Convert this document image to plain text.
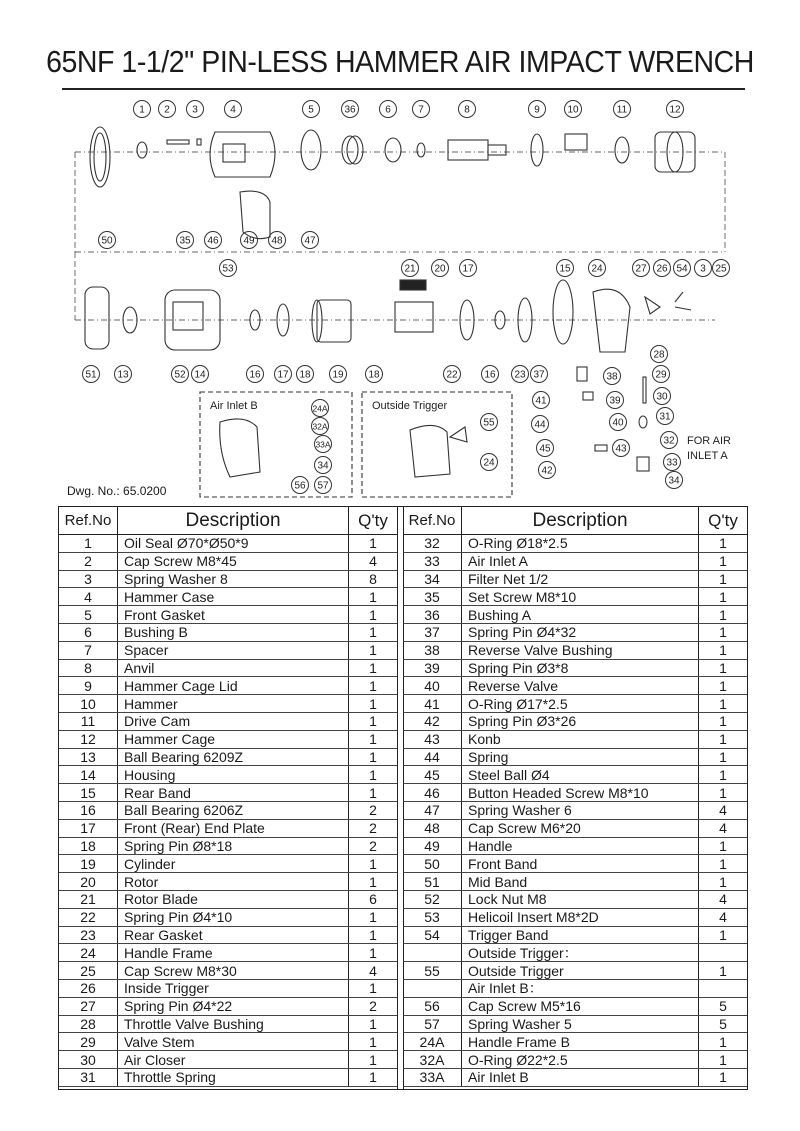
65NF 1-1/2" PIN-LESS HAMMER AIR IMPACT WRENCH
1 2 3	4	5	36	6	7	8	9	10	11	12
50	35 46 49 48 47
53	21 20 17	15 24	27 26 54 3 25
51 13	52 14	16 17 18 19 18	22	16 23 37
28
38	29
41	39	30
44	40
31
45
32
43
33
42
34
24A
32A
33A
34
56 57
55
24
Air Inlet B	Outside Trigger
FOR AIR
INLET A
Dwg. No.: 65.0200
Ref.No	Description	Q'ty
1	Oil Seal Ø70*Ø50*9	1
2	Cap Screw M8*45	4
3	Spring Washer 8	8
4	Hammer Case	1
5	Front Gasket	1
6	Bushing B	1
7	Spacer	1
8	Anvil	1
9	Hammer Cage Lid	1
10	Hammer	1
11	Drive Cam	1
12	Hammer Cage	1
13	Ball Bearing 6209Z	1
14	Housing	1
15	Rear Band	1
16	Ball Bearing 6206Z	2
17	Front (Rear) End Plate	2
18	Spring Pin Ø8*18	2
19	Cylinder	1
20	Rotor	1
21	Rotor Blade	6
22	Spring Pin Ø4*10	1
23	Rear Gasket	1
24	Handle Frame	1
25	Cap Screw M8*30	4
26	Inside Trigger	1
27	Spring Pin Ø4*22	2
28	Throttle Valve Bushing	1
29	Valve Stem	1
30	Air Closer	1
31	Throttle Spring	1
Ref.No	Description	Q'ty
32	O-Ring Ø18*2.5	1
33	Air Inlet A	1
34	Filter Net 1/2	1
35	Set Screw M8*10	1
36	Bushing A	1
37	Spring Pin Ø4*32	1
38	Reverse Valve Bushing	1
39	Spring Pin Ø3*8	1
40	Reverse Valve	1
41	O-Ring Ø17*2.5	1
42	Spring Pin Ø3*26	1
43	Konb	1
44	Spring	1
45	Steel Ball Ø4	1
46	Button Headed Screw M8*10	1
47	Spring Washer 6	4
48	Cap Screw M6*20	4
49	Handle	1
50	Front Band	1
51	Mid Band	1
52	Lock Nut M8	4
53	Helicoil Insert M8*2D	4
54	Trigger Band	1
	Outside Trigger：	
55	Outside Trigger	1
	Air Inlet B：	
56	Cap Screw M5*16	5
57	Spring Washer 5	5
24A	Handle Frame B	1
32A	O-Ring Ø22*2.5	1
33A	Air Inlet B	1
